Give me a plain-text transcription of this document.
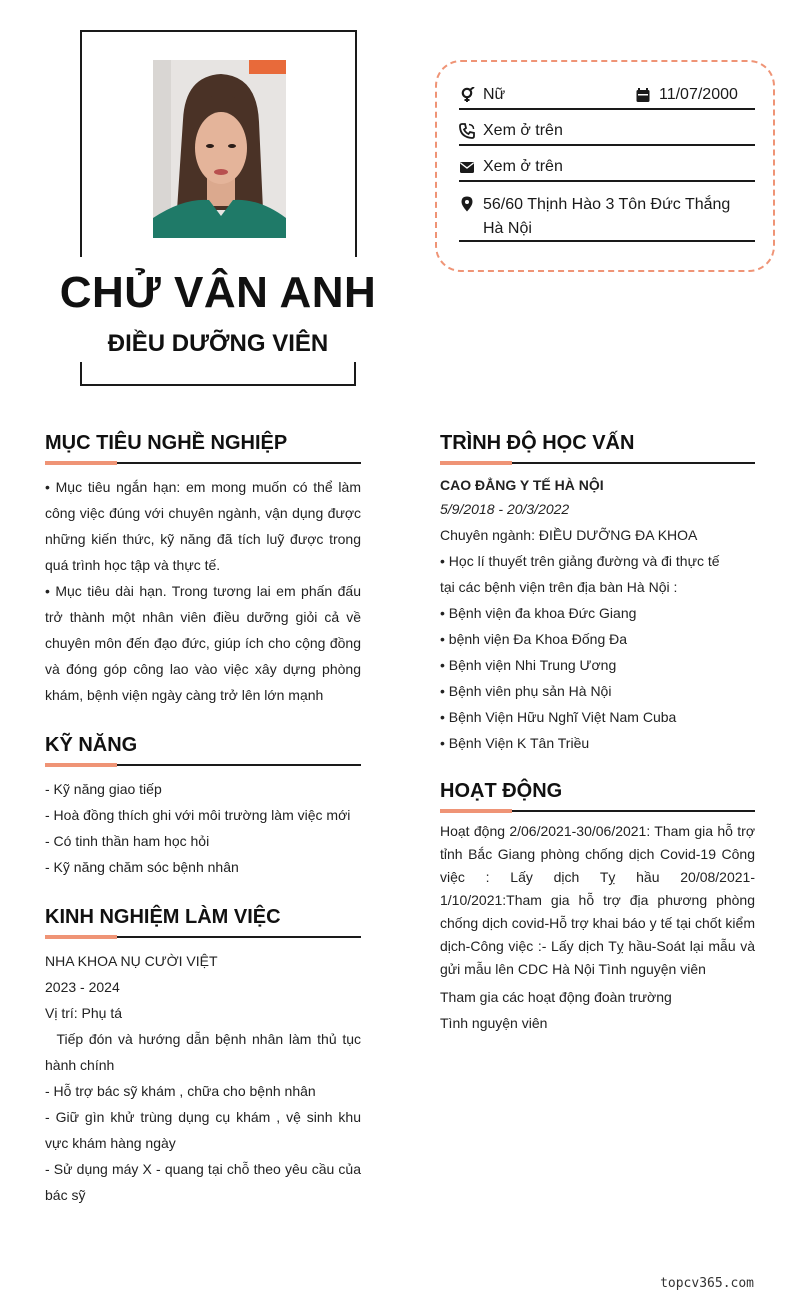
CHỬ VÂN ANH
ĐIỀU DƯỠNG VIÊN
Nữ	11/07/2000
Xem ở trên
Xem ở trên
56/60 Thịnh Hào 3 Tôn Đức Thắng Hà Nội
MỤC TIÊU NGHỀ NGHIỆP
• Mục tiêu ngắn hạn: em mong muốn có thể làm công việc đúng với chuyên ngành, vận dụng được những kiến thức, kỹ năng đã tích luỹ được trong quá trình học tập và thực tế.
• Mục tiêu dài hạn. Trong tương lai em phấn đấu trở thành một nhân viên điều dưỡng giỏi cả về chuyên môn đến đạo đức, giúp ích cho cộng đồng và đóng góp công lao vào việc xây dựng phòng khám, bệnh viện ngày càng trở lên lớn mạnh
KỸ NĂNG
- Kỹ năng giao tiếp
- Hoà đồng thích ghi với môi trường làm việc mới
- Có tinh thần ham học hỏi
- Kỹ năng chăm sóc bệnh nhân
KINH NGHIỆM LÀM VIỆC
NHA KHOA NỤ CƯỜI VIỆT
2023 - 2024
Vị trí: Phụ tá
Tiếp đón và hướng dẫn bệnh nhân làm thủ tục hành chính
- Hỗ trợ bác sỹ khám , chữa cho bệnh nhân
- Giữ gìn khử trùng dụng cụ khám , vệ sinh khu vực khám hàng ngày
- Sử dụng máy X - quang tại chỗ theo yêu cầu của bác sỹ
TRÌNH ĐỘ HỌC VẤN
CAO ĐẲNG Y TẾ HÀ NỘI
5/9/2018 - 20/3/2022
Chuyên ngành: ĐIỀU DƯỠNG ĐA KHOA
• Học lí thuyết trên giảng đường và đi thực tế tại các bệnh viện trên địa bàn Hà Nội :
• Bệnh viện đa khoa Đức Giang
• bệnh viện Đa Khoa Đống Đa
• Bệnh viện Nhi Trung Ương
• Bệnh viên phụ sản Hà Nội
• Bệnh Viện Hữu Nghĩ Việt Nam Cuba
• Bệnh Viện K Tân Triều
HOẠT ĐỘNG
Hoạt động 2/06/2021-30/06/2021: Tham gia hỗ trợ tỉnh Bắc Giang phòng chống dịch Covid-19 Công việc : Lấy dịch Tỵ hầu 20/08/2021-1/10/2021:Tham gia hỗ trợ địa phương phòng chống dịch covid-Hỗ trợ khai báo y tế tại chốt kiểm dịch-Công việc :- Lấy dịch Tỵ hầu-Soát lại mẫu và gửi mẫu lên CDC Hà Nội Tình nguyện viên
Tham gia các hoạt động đoàn trường
Tình nguyện viên
topcv365.com
